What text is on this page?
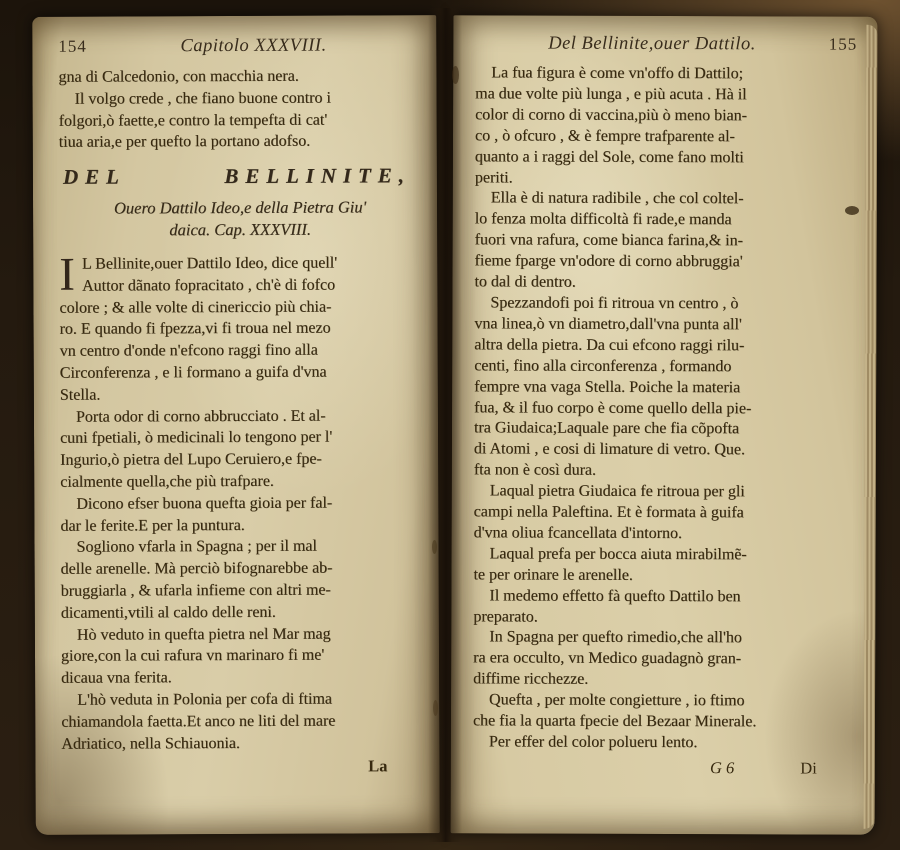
154	Capitolo XXXVIII.
gna di Calcedonio, con macchia nera.
Il volgo crede , che fiano buone contro i
folgori,ò faette,e contro la tempefta di cat'
tiua aria,e per quefto la portano adofso.
DEL	BELLINITE,
Ouero Dattilo Ideo,e della Pietra Giu'
daica. Cap. XXXVIII.
I L Bellinite,ouer Dattilo Ideo, dice quell'
Auttor dãnato fopracitato , ch'è di fofco
colore ; & alle volte di cinericcio più chia-
ro. E quando fi fpezza,vi fi troua nel mezo
vn centro d'onde n'efcono raggi fino alla
Circonferenza , e li formano a guifa d'vna
Stella.
Porta odor di corno abbrucciato . Et al-
cuni fpetiali, ò medicinali lo tengono per l'
Ingurio,ò pietra del Lupo Ceruiero,e fpe-
cialmente quella,che più trafpare.
Dicono efser buona quefta gioia per fal-
dar le ferite.E per la puntura.
Sogliono vfarla in Spagna ; per il mal
delle arenelle. Mà perciò bifognarebbe ab-
bruggiarla , & ufarla infieme con altri me-
dicamenti,vtili al caldo delle reni.
Hò veduto in quefta pietra nel Mar mag
giore,con la cui rafura vn marinaro fi me'
dicaua vna ferita.
L'hò veduta in Polonia per cofa di ftima
chiamandola faetta.Et anco ne liti del mare
Adriatico, nella Schiauonia.
La
Del Bellinite,ouer Dattilo.	155
La fua figura è come vn'offo di Dattilo;
ma due volte più lunga , e più acuta . Hà il
color di corno di vaccina,più ò meno bian-
co , ò ofcuro , & è fempre trafparente al-
quanto a i raggi del Sole, come fano molti
periti.
Ella è di natura radibile , che col coltel-
lo fenza molta difficoltà fi rade,e manda
fuori vna rafura, come bianca farina,& in-
fieme fparge vn'odore di corno abbruggia'
to dal di dentro.
Spezzandofi poi fi ritroua vn centro , ò
vna linea,ò vn diametro,dall'vna punta all'
altra della pietra. Da cui efcono raggi rilu-
centi, fino alla circonferenza , formando
fempre vna vaga Stella. Poiche la materia
fua, & il fuo corpo è come quello della pie-
tra Giudaica;Laquale pare che fia cõpofta
di Atomi , e cosi di limature di vetro. Que.
fta non è così dura.
Laqual pietra Giudaica fe ritroua per gli
campi nella Paleftina. Et è formata à guifa
d'vna oliua fcancellata d'intorno.
Laqual prefa per bocca aiuta mirabilmẽ-
te per orinare le arenelle.
Il medemo effetto fà quefto Dattilo ben
preparato.
In Spagna per quefto rimedio,che all'ho
ra era occulto, vn Medico guadagnò gran-
diffime ricchezze.
Quefta , per molte congietture , io ftimo
che fia la quarta fpecie del Bezaar Minerale.
Per effer del color polueru lento.
G 6	Di
